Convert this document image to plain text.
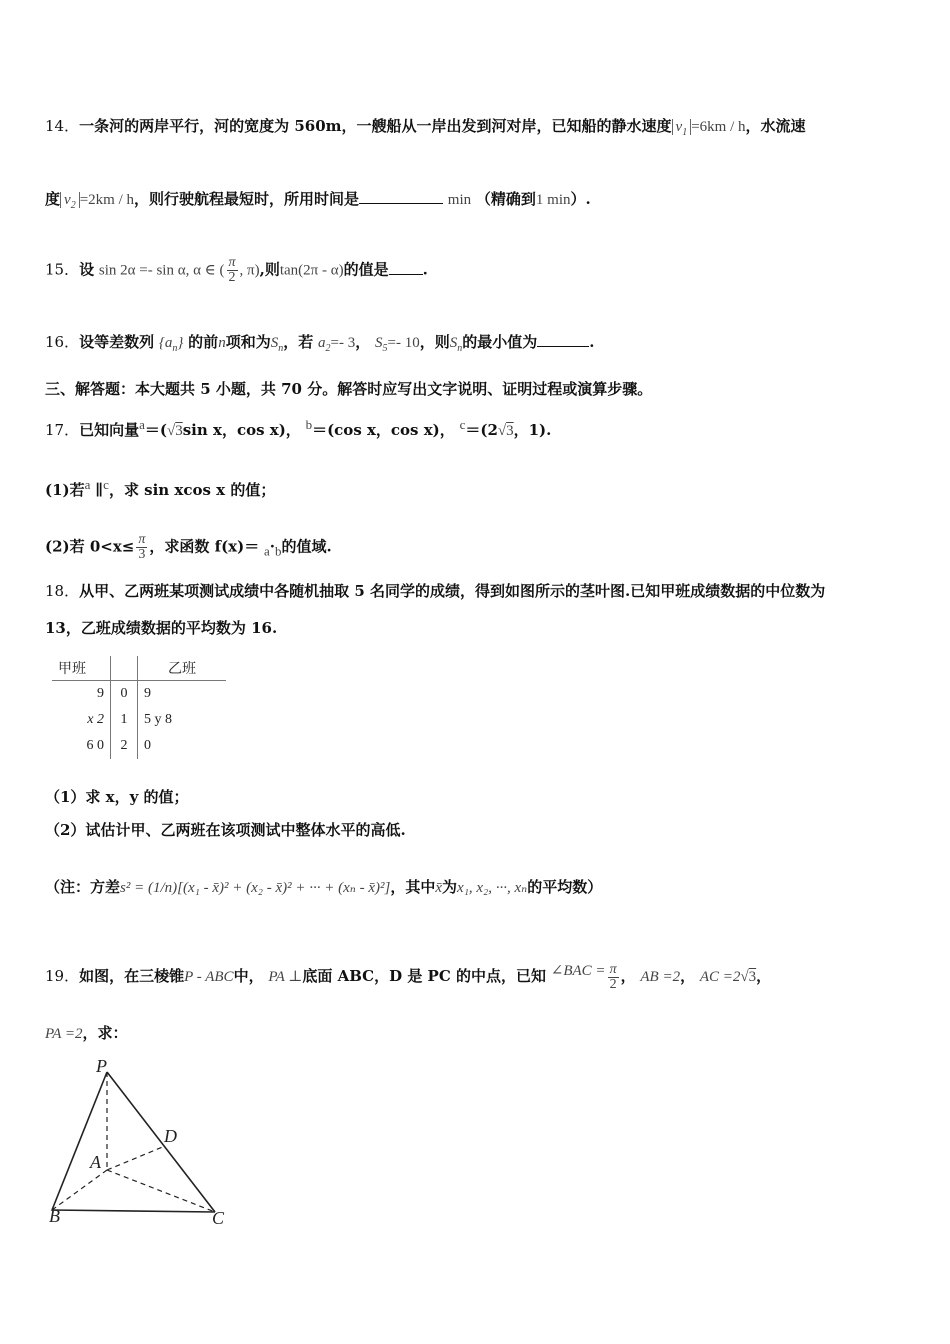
14．一条河的两岸平行，河的宽度为 560m，一艘船从一岸出发到河对岸，已知船的静水速度 $v_1 =6km / h$，水流速
度 $v_2 =2km / h$，则行驶航程最短时，所用时间是	min （精确到1 min）.
15．设 sin 2α =- sin α, α ∈ ( $\frac{\pi}{2}$ , π),则tan(2π - α)的值是 .
16．设等差数列 $\{a_n\}$ 的前n项和为$S_n$，若 $a_2=-$ 3， $S_5=-$ 10，则$S_n$的最小值为	.
三、解答题：本大题共 5 小题，共 70 分。解答时应写出文字说明、证明过程或演算步骤。
17．已知向量a＝(√3sin x，cos x)， b＝(cos x，cos x)， c＝(2√3，1).
(1)若a ∥c，求 sin xcos x 的值；
(2)若 $0<x\le \frac{\pi}{3}$ ，求函数 f(x)＝ a·b的值域.
18．从甲、乙两班某项测试成绩中各随机抽取 5 名同学的成绩，得到如图所示的茎叶图.已知甲班成绩数据的中位数为
13，乙班成绩数据的平均数为 16.
甲班		乙班
9	0	9
x 2	1	5 y 8
6 0	2	0
（1）求 x，y 的值；
（2）试估计甲、乙两班在该项测试中整体水平的高低.
（注：方差s² = (1/n)[(x₁ - x̄)² + (x₂ - x̄)² + ··· + (xₙ - x̄)²]，其中x̄为x₁, x₂, ···, xₙ的平均数）
19．如图，在三棱锥P - ABC中， PA ⊥底面 ABC，D 是 PC 的中点，已知 ∠BAC = $\frac{\pi}{2}$ ， AB =2， AC =2√3，
PA =2，求：
P
A
B	C
D
